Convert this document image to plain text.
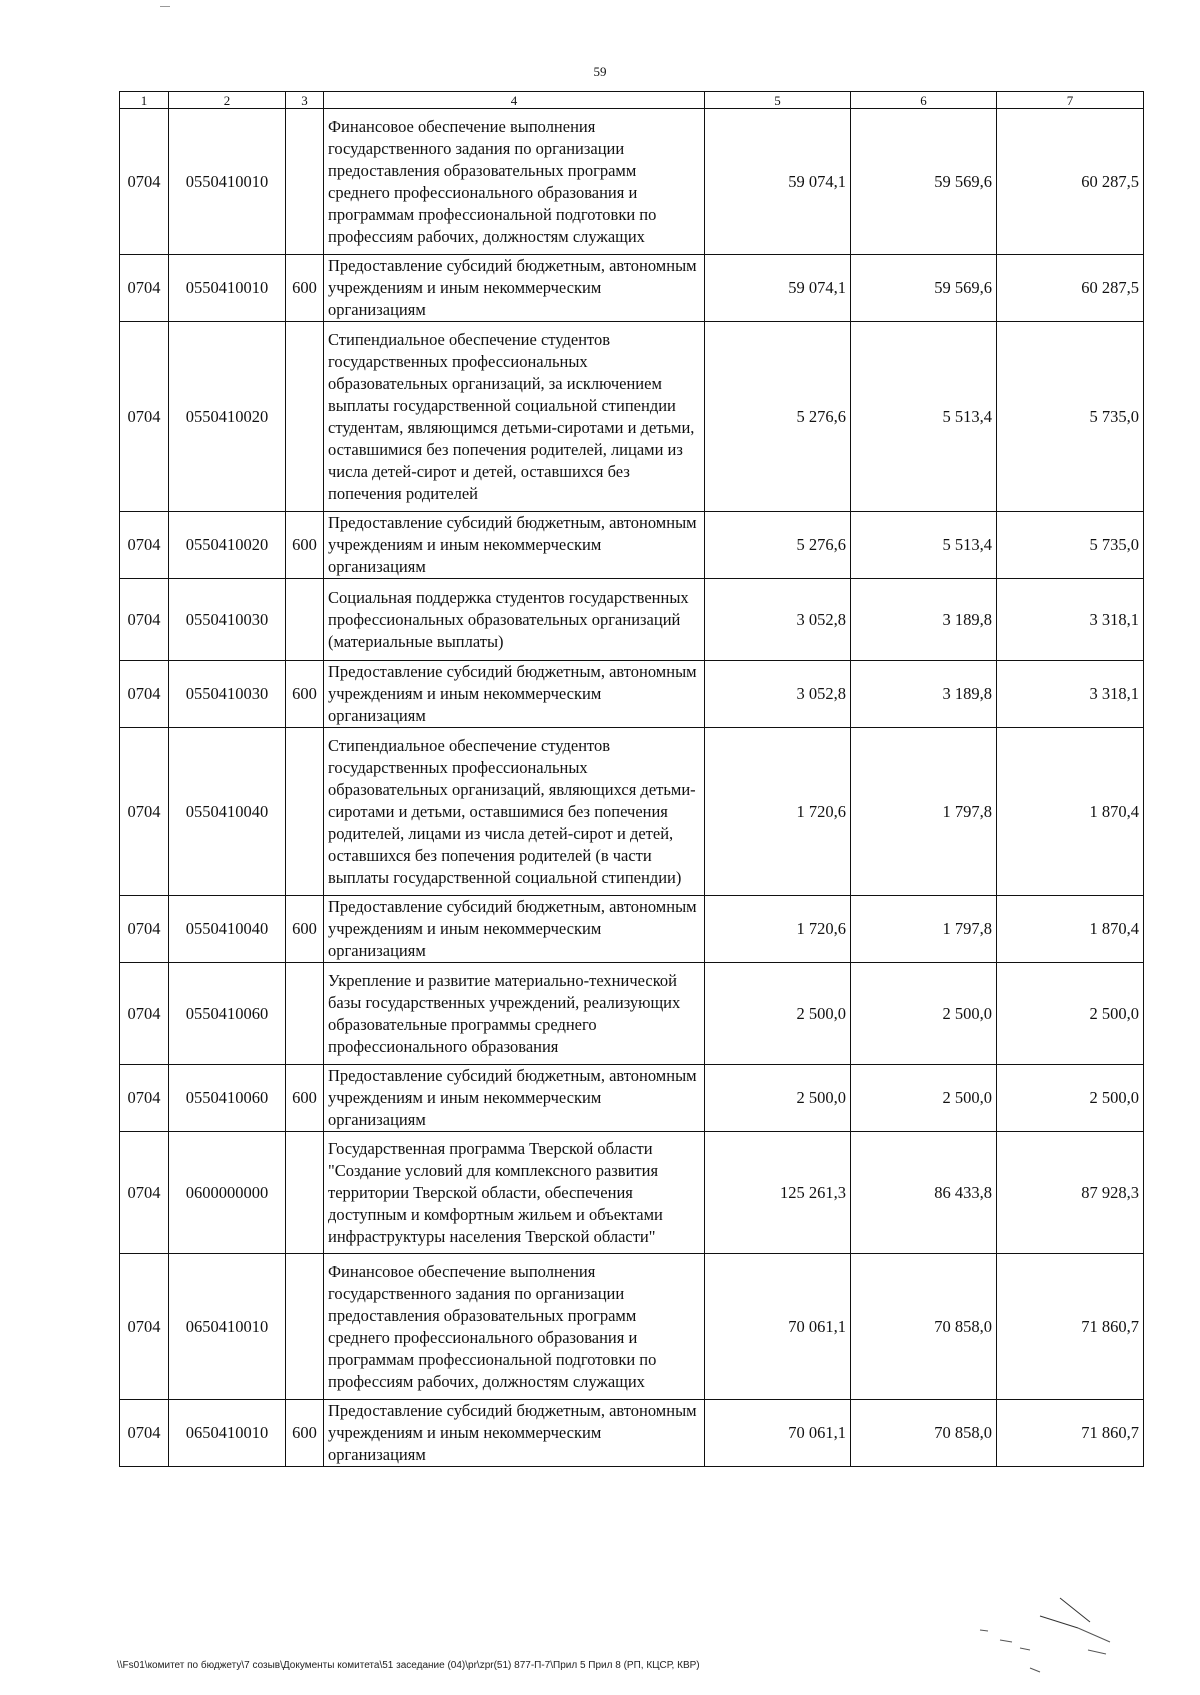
59
1	2	3	4	5	6	7
0704	0550410010		Финансовое обеспечение выполнения государственного задания по организации предоставления образовательных программ среднего профессионального образования и программам профессиональной подготовки по профессиям рабочих, должностям служащих	59 074,1	59 569,6	60 287,5
0704	0550410010	600	Предоставление субсидий бюджетным, автономным учреждениям и иным некоммерческим организациям	59 074,1	59 569,6	60 287,5
0704	0550410020		Стипендиальное обеспечение студентов государственных профессиональных образовательных организаций, за исключением выплаты государственной социальной стипендии студентам, являющимся детьми-сиротами и детьми, оставшимися без попечения родителей, лицами из числа детей-сирот и детей, оставшихся без попечения родителей	5 276,6	5 513,4	5 735,0
0704	0550410020	600	Предоставление субсидий бюджетным, автономным учреждениям и иным некоммерческим организациям	5 276,6	5 513,4	5 735,0
0704	0550410030		Социальная поддержка студентов государственных профессиональных образовательных организаций (материальные выплаты)	3 052,8	3 189,8	3 318,1
0704	0550410030	600	Предоставление субсидий бюджетным, автономным учреждениям и иным некоммерческим организациям	3 052,8	3 189,8	3 318,1
0704	0550410040		Стипендиальное обеспечение студентов государственных профессиональных образовательных организаций, являющихся детьми-сиротами и детьми, оставшимися без попечения родителей, лицами из числа детей-сирот и детей, оставшихся без попечения родителей (в части выплаты государственной социальной стипендии)	1 720,6	1 797,8	1 870,4
0704	0550410040	600	Предоставление субсидий бюджетным, автономным учреждениям и иным некоммерческим организациям	1 720,6	1 797,8	1 870,4
0704	0550410060		Укрепление и развитие материально-технической базы государственных учреждений, реализующих образовательные программы среднего профессионального образования	2 500,0	2 500,0	2 500,0
0704	0550410060	600	Предоставление субсидий бюджетным, автономным учреждениям и иным некоммерческим организациям	2 500,0	2 500,0	2 500,0
0704	0600000000		Государственная программа Тверской области "Создание условий для комплексного развития территории Тверской области, обеспечения доступным и комфортным жильем и объектами инфраструктуры населения Тверской области"	125 261,3	86 433,8	87 928,3
0704	0650410010		Финансовое обеспечение выполнения государственного задания по организации предоставления образовательных программ среднего профессионального образования и программам профессиональной подготовки по профессиям рабочих, должностям служащих	70 061,1	70 858,0	71 860,7
0704	0650410010	600	Предоставление субсидий бюджетным, автономным учреждениям и иным некоммерческим организациям	70 061,1	70 858,0	71 860,7
\\Fs01\комитет по бюджету\7 созыв\Документы комитета\51 заседание (04)\pr\zpr(51) 877-П-7\Прил 5 Прил 8 (РП, КЦСР, КВР)
